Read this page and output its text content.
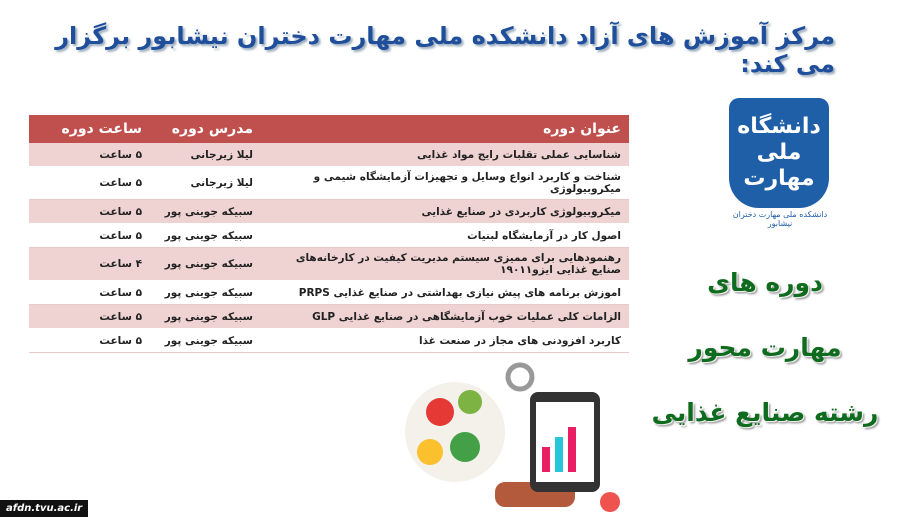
مرکز آموزش های آزاد دانشکده ملی مهارت دختران نیشابور برگزار می کند:
عنوان دوره	مدرس دوره	ساعت دوره
شناسایی عملی تقلبات رایج مواد غذایی	لیلا زیرجانی	۵ ساعت
شناخت و کاربرد انواع وسایل و تجهیزات آزمایشگاه شیمی و میکروبیولوژی	لیلا زیرجانی	۵ ساعت
میکروبیولوژی کاربردی در صنایع غذایی	سبیکه جوینی پور	۵ ساعت
اصول کار در آزمایشگاه لبنیات	سبیکه جوینی پور	۵ ساعت
رهنمودهایی برای ممیزی سیستم مدیریت کیفیت در کارخانه‌های صنایع غذایی ایزو۱۹۰۱۱	سبیکه جوینی پور	۴ ساعت
اموزش برنامه های پیش نیازی بهداشتی در صنایع غذایی PRPS	سبیکه جوینی پور	۵ ساعت
الزامات کلی عملیات خوب آزمایشگاهی در صنایع غذایی GLP	سبیکه جوینی پور	۵ ساعت
کاربرد افزودنی های مجاز در صنعت غذا	سبیکه جوینی پور	۵ ساعت
دانشگاه ملی مهارت
دانشکده ملی مهارت دختران نیشابور
دوره های
مهارت محور
رشته صنایع غذایی
afdn.tvu.ac.ir
